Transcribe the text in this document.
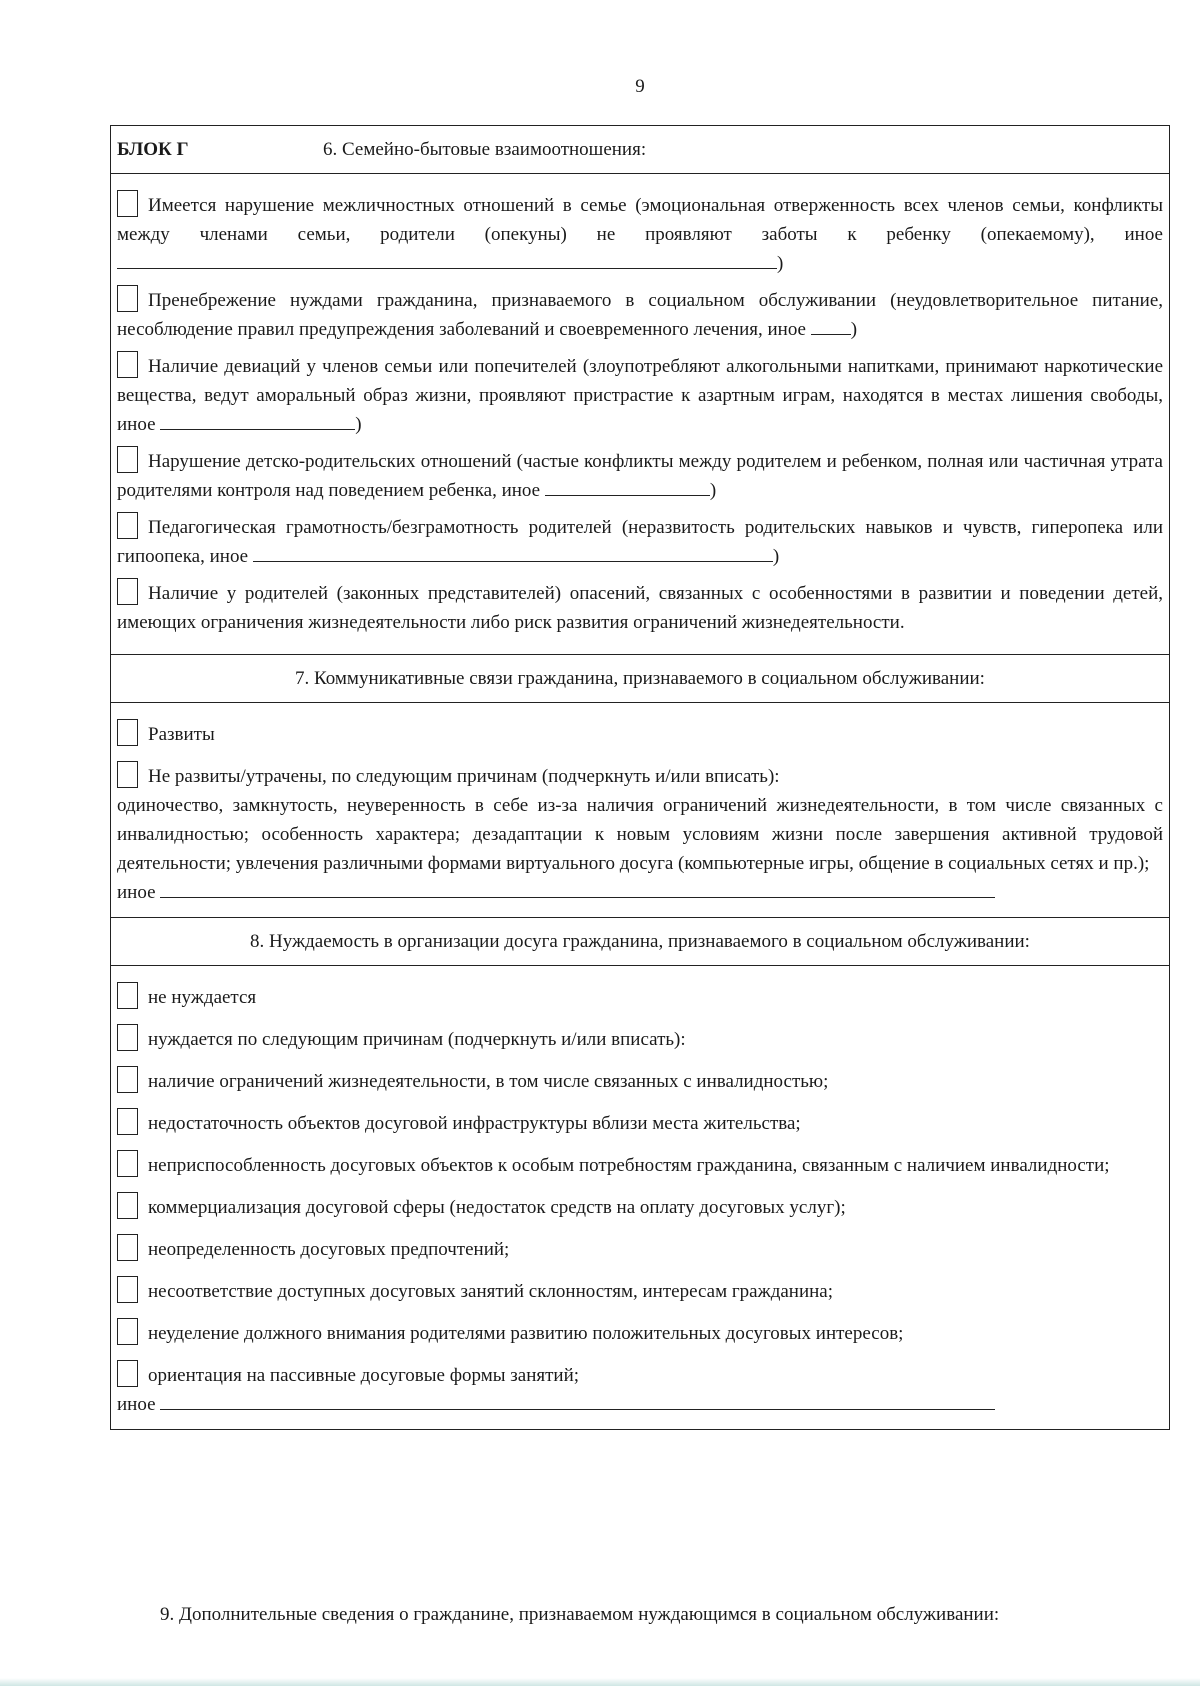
9
БЛОК Г	6. Семейно-бытовые взаимоотношения:
Имеется нарушение межличностных отношений в семье (эмоциональная отверженность всех членов семьи, конфликты между членами семьи, родители (опекуны) не проявляют заботы к ребенку (опекаемому), иное )
Пренебрежение нуждами гражданина, признаваемого в социальном обслуживании (неудовлетворительное питание, несоблюдение правил предупреждения заболеваний и своевременного лечения, иное )
Наличие девиаций у членов семьи или попечителей (злоупотребляют алкогольными напитками, принимают наркотические вещества, ведут аморальный образ жизни, проявляют пристрастие к азартным играм, находятся в местах лишения свободы, иное	)
Нарушение детско-родительских отношений (частые конфликты между родителем и ребенком, полная или частичная утрата родителями контроля над поведением ребенка, иное	)
Педагогическая грамотность/безграмотность родителей (неразвитость родительских навыков и чувств, гиперопека или гипоопека, иное	)
Наличие у родителей (законных представителей) опасений, связанных с особенностями в развитии и поведении детей, имеющих ограничения жизнедеятельности либо риск развития ограничений жизнедеятельности.
7. Коммуникативные связи гражданина, признаваемого в социальном обслуживании:
Развиты
Не развиты/утрачены, по следующим причинам (подчеркнуть и/или вписать):
одиночество, замкнутость, неуверенность в себе из-за наличия ограничений жизнедеятельности, в том числе связанных с инвалидностью; особенность характера; дезадаптации к новым условиям жизни после завершения активной трудовой деятельности; увлечения различными формами виртуального досуга (компьютерные игры, общение в социальных сетях и пр.);
иное
8. Нуждаемость в организации досуга гражданина, признаваемого в социальном обслуживании:
не нуждается
нуждается по следующим причинам (подчеркнуть и/или вписать):
наличие ограничений жизнедеятельности, в том числе связанных с инвалидностью;
недостаточность объектов досуговой инфраструктуры вблизи места жительства;
неприспособленность досуговых объектов к особым потребностям гражданина, связанным с наличием инвалидности;
коммерциализация досуговой сферы (недостаток средств на оплату досуговых услуг);
неопределенность досуговых предпочтений;
несоответствие доступных досуговых занятий склонностям, интересам гражданина;
неуделение должного внимания родителями развитию положительных досуговых интересов;
ориентация на пассивные досуговые формы занятий;
иное
9. Дополнительные сведения о гражданине, признаваемом нуждающимся в социальном обслуживании:
